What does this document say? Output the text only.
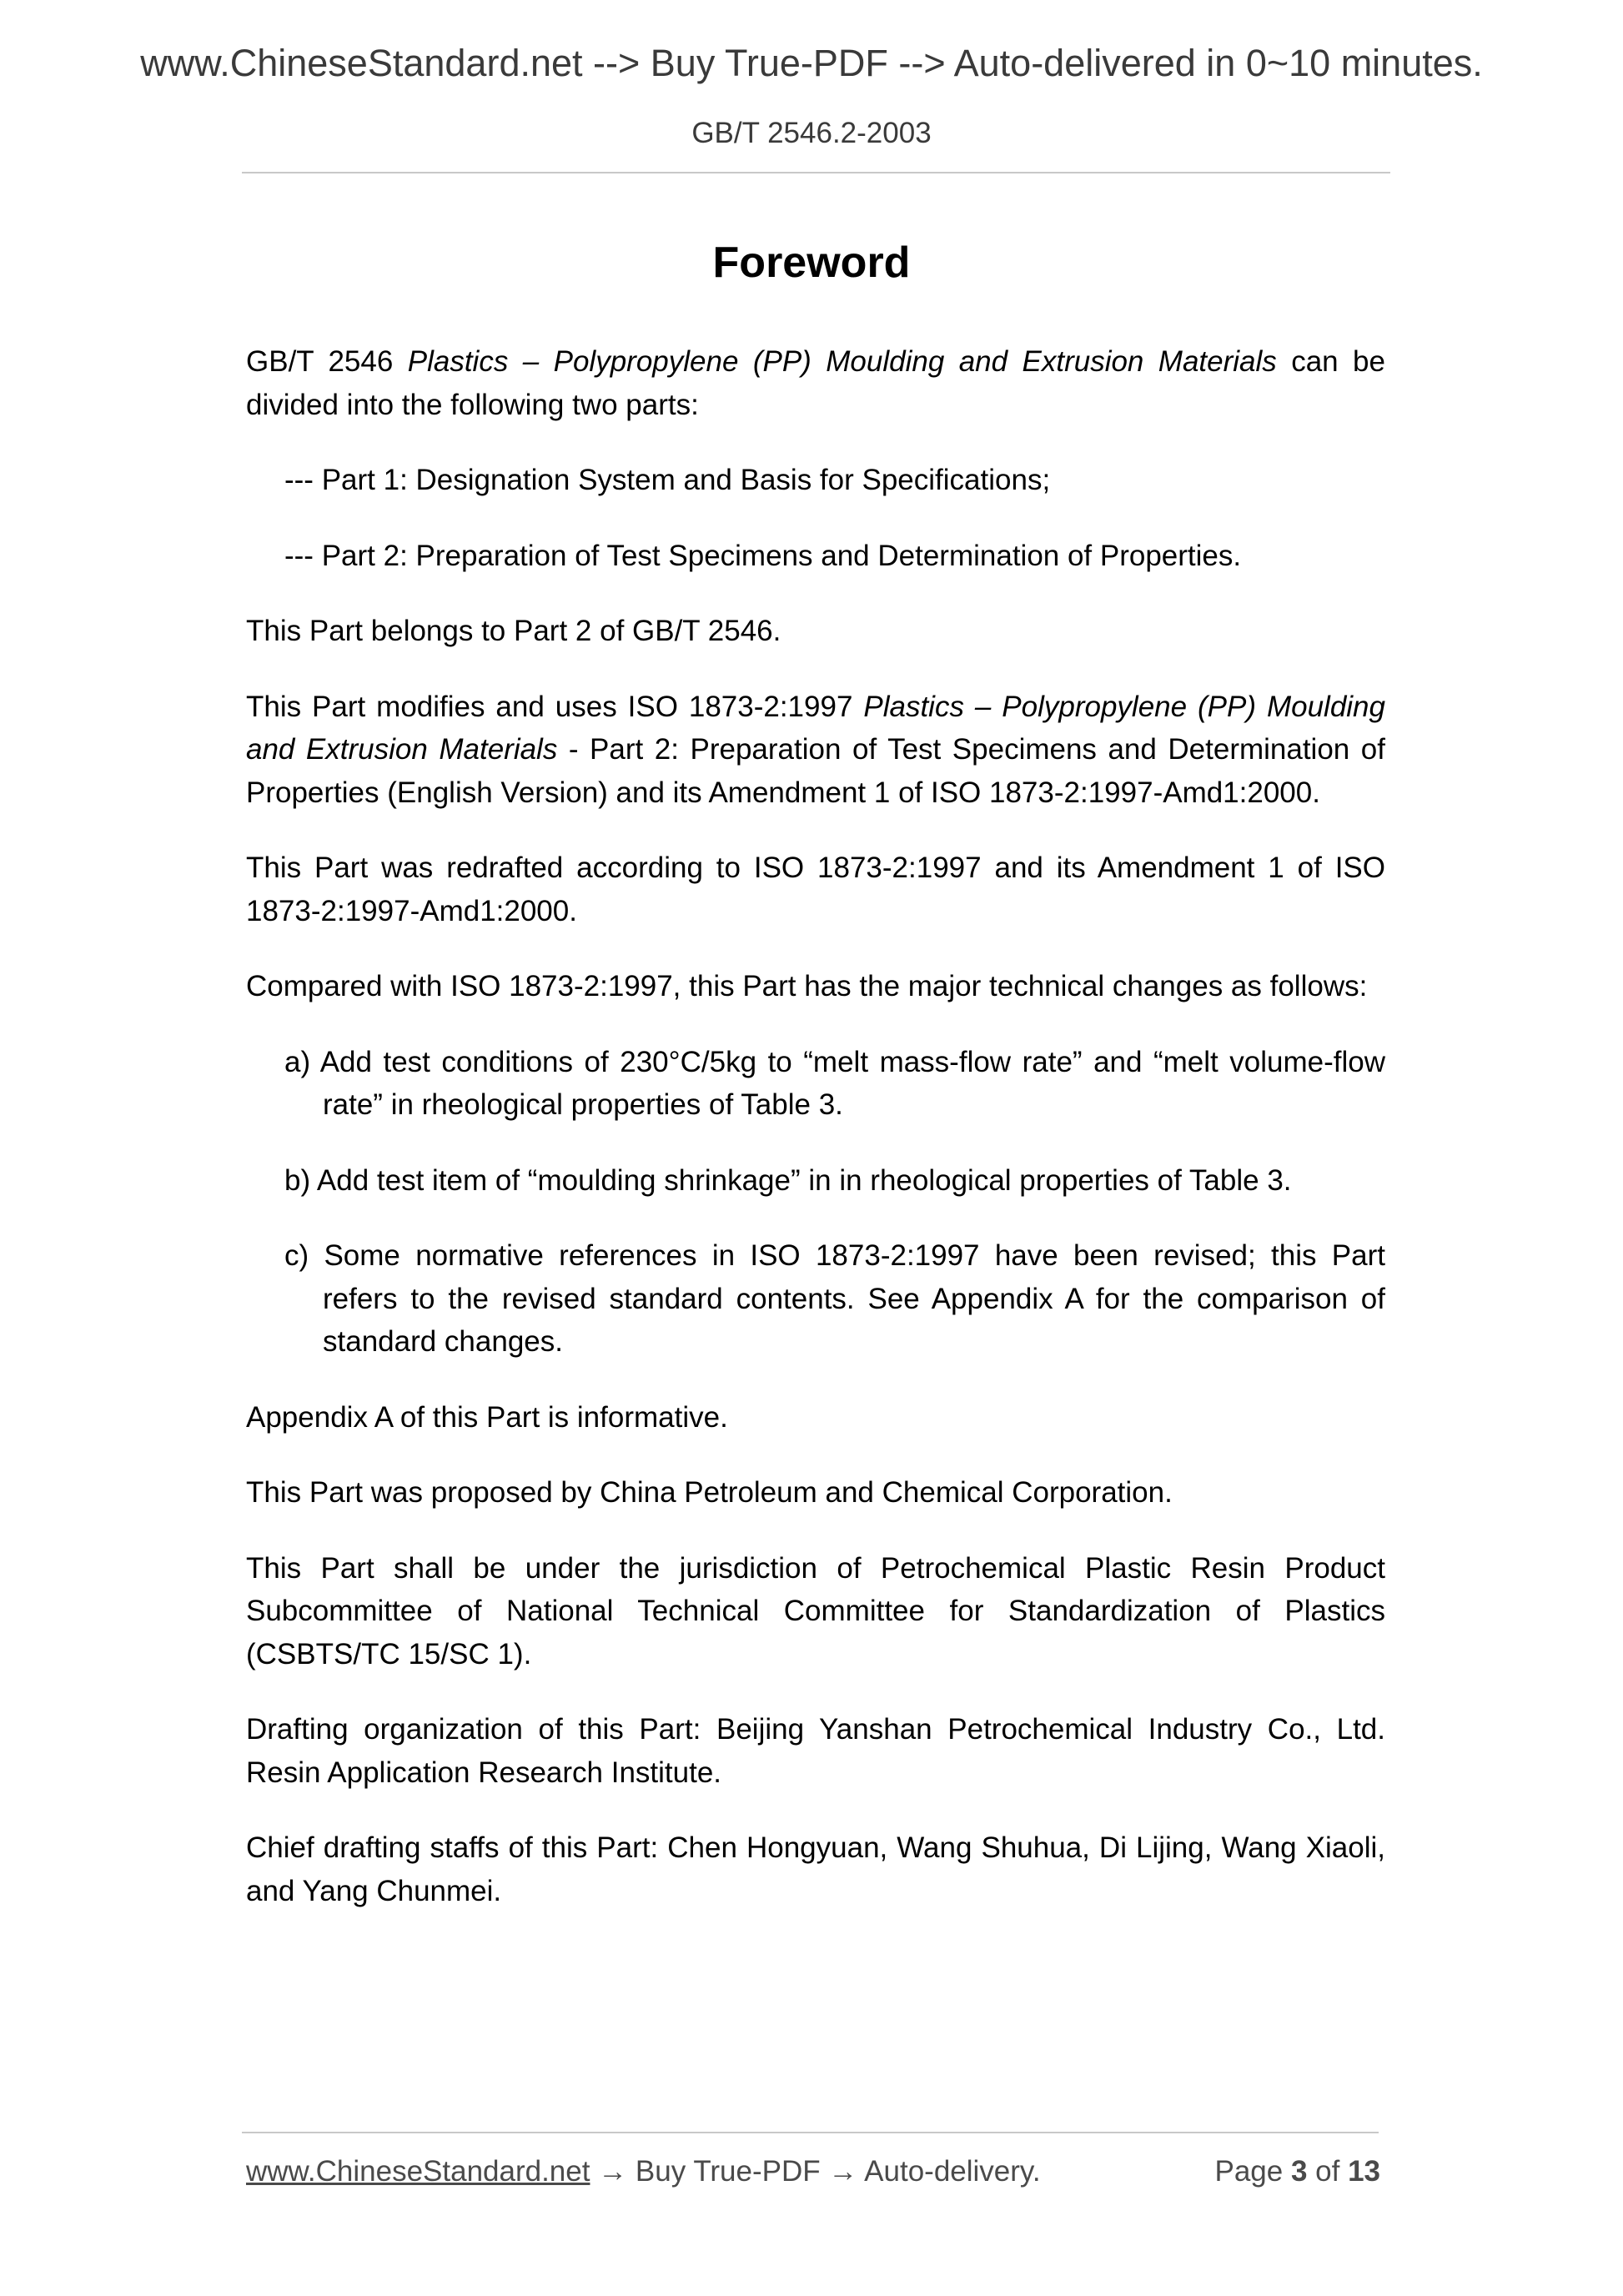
www.ChineseStandard.net --> Buy True-PDF --> Auto-delivered in 0~10 minutes.
GB/T 2546.2-2003
Foreword

GB/T 2546 Plastics – Polypropylene (PP) Moulding and Extrusion Materials can be divided into the following two parts:

--- Part 1: Designation System and Basis for Specifications;

--- Part 2: Preparation of Test Specimens and Determination of Properties.

This Part belongs to Part 2 of GB/T 2546.

This Part modifies and uses ISO 1873-2:1997 Plastics – Polypropylene (PP) Moulding and Extrusion Materials - Part 2: Preparation of Test Specimens and Determination of Properties (English Version) and its Amendment 1 of ISO 1873-2:1997-Amd1:2000.

This Part was redrafted according to ISO 1873-2:1997 and its Amendment 1 of ISO 1873-2:1997-Amd1:2000.

Compared with ISO 1873-2:1997, this Part has the major technical changes as follows:

a) Add test conditions of 230°C/5kg to “melt mass-flow rate” and “melt volume-flow rate” in rheological properties of Table 3.

b) Add test item of “moulding shrinkage” in in rheological properties of Table 3.

c) Some normative references in ISO 1873-2:1997 have been revised; this Part refers to the revised standard contents. See Appendix A for the comparison of standard changes.

Appendix A of this Part is informative.

This Part was proposed by China Petroleum and Chemical Corporation.

This Part shall be under the jurisdiction of Petrochemical Plastic Resin Product Subcommittee of National Technical Committee for Standardization of Plastics (CSBTS/TC 15/SC 1).

Drafting organization of this Part: Beijing Yanshan Petrochemical Industry Co., Ltd. Resin Application Research Institute.

Chief drafting staffs of this Part: Chen Hongyuan, Wang Shuhua, Di Lijing, Wang Xiaoli, and Yang Chunmei.

www.ChineseStandard.net → Buy True-PDF → Auto-delivery.	Page 3 of 13
